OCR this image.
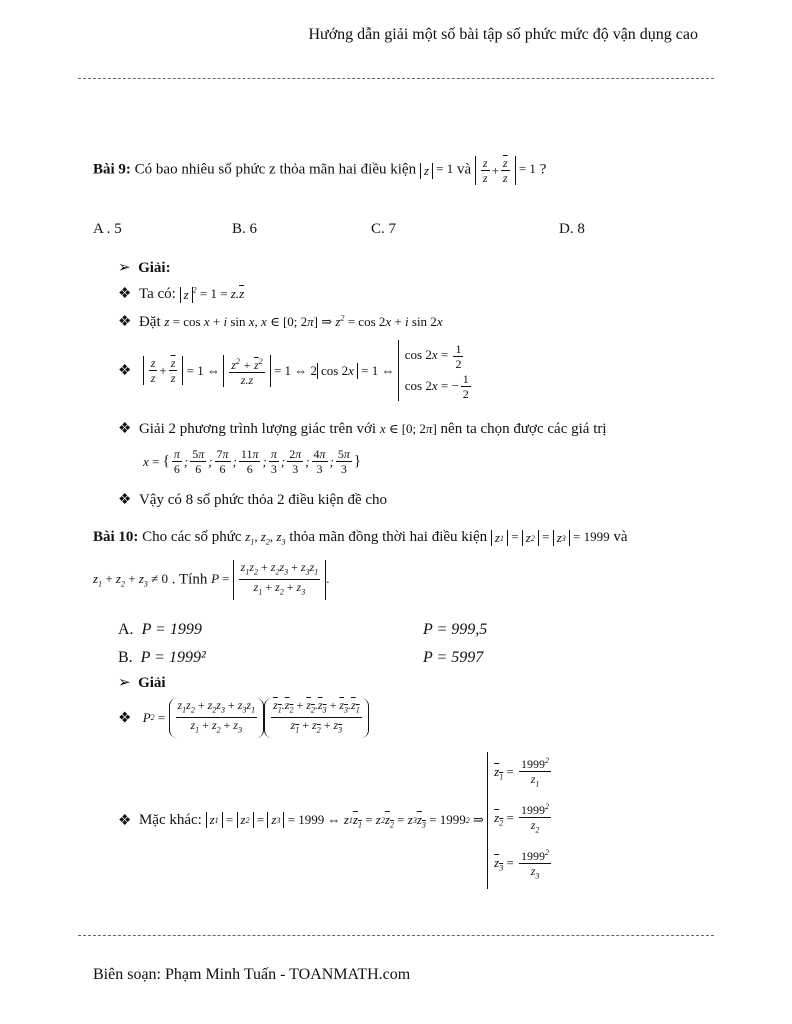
Hướng dẫn giải một số bài tập số phức mức độ vận dụng cao
Bài 9: Có bao nhiêu số phức z thỏa mãn hai điều kiện z = 1 và $\frac{z}{z} + \frac{\overline{z}}{z} = 1$ ?
A . 5	B. 6	C. 7	D. 8
➢ Giải:
❖ Ta có: z $^2 = 1 = z.\overline{z}$
❖ Đặt z = cos x + i sin x, x ∈ [0; 2π] ⇒ $z^2 = \cos 2x + i$ sin 2x
❖ $\frac{z}{z} + \frac{\overline{z}}{z} = 1$ ⇔ $\frac{z^2 + \overline{z}^2}{z.\overline{z}} = 1$ ⇔ 2 cos 2 x = 1 ⇔
$\cos 2x = \frac{1}{2}$
cos 2x = − $\frac{1}{2}$
❖ Giải 2 phương trình lượng giác trên với x ∈ [0; 2π] nên ta chọn được các giá trị
x = { $\frac{\pi}{6}$ ; $\frac{5\pi}{6}$ ; $\frac{7\pi}{6}$ ; $\frac{11\pi}{6}$ ; $\frac{\pi}{3}$ ; $\frac{2\pi}{3}$ ; $\frac{4\pi}{3}$ ; $\frac{5\pi}{3}$ }
❖ Vậy có 8 số phức thỏa 2 điều kiện đề cho
Bài 10: Cho các số phức $z_1$, $z_2$, $z_3$ thỏa mãn đồng thời hai điều kiện z 1 = z 2 = z 3 = 1999 và
$z_1 + z_2 + z_3 \ne 0$ . Tính $P = \frac{z_1z_2 + z_2z_3 + z_3z_1}{z_1 + z_2 + z_3}$ .
A. P = 1999	P = 999,5
B. P = 1999²	P = 5997
➢ Giải
❖ P $2 = \frac{z_1z_2 + z_2z_3 + z_3z_1}{z_1 + z_2 + z_3} \frac{z_1.z_2 + z_2.z_3 + z_3.z_1}{z_1 + z_2 + z_3}$
❖
Mặc khác:
z 1 = z 2 = z 3 = 1999 ⇔ z 1 $z_1 = z$ 2 $z_2 = z$ 3 $z_3 = 1999$ 2 ⇒
$z_1 = \frac{1999^2}{z_1}$
$z_2 = \frac{1999^2}{z_2}$
$z_3 = \frac{1999^2}{z_3}$
Biên soạn: Phạm Minh Tuấn - TOANMATH.com
